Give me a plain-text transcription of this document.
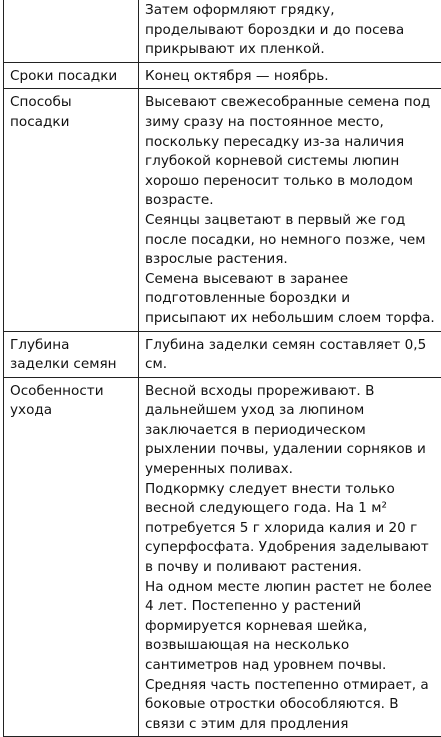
	Затем оформляют грядку, проделывают бороздки и до посева прикрывают их пленкой.

Сроки посадки	Конец октября — ноябрь.

Способы посадки	Высевают свежесобранные семена под зиму сразу на постоянное место, поскольку пересадку из-за наличия глубокой корневой системы люпин хорошо переносит только в молодом возрасте.
Сеянцы зацветают в первый же год после посадки, но немного позже, чем взрослые растения.
Семена высевают в заранее подготовленные бороздки и присыпают их небольшим слоем торфа.

Глубина заделки семян	Глубина заделки семян составляет 0,5 см.

Особенности ухода	Весной всходы прореживают. В дальнейшем уход за люпином заключается в периодическом рыхлении почвы, удалении сорняков и умеренных поливах.
Подкормку следует внести только весной следующего года. На 1 м² потребуется 5 г хлорида калия и 20 г суперфосфата. Удобрения заделывают в почву и поливают растения.
На одном месте люпин растет не более 4 лет. Постепенно у растений формируется корневая шейка, возвышающая на несколько сантиметров над уровнем почвы. Средняя часть постепенно отмирает, а боковые отростки обособляются. В связи с этим для продления
